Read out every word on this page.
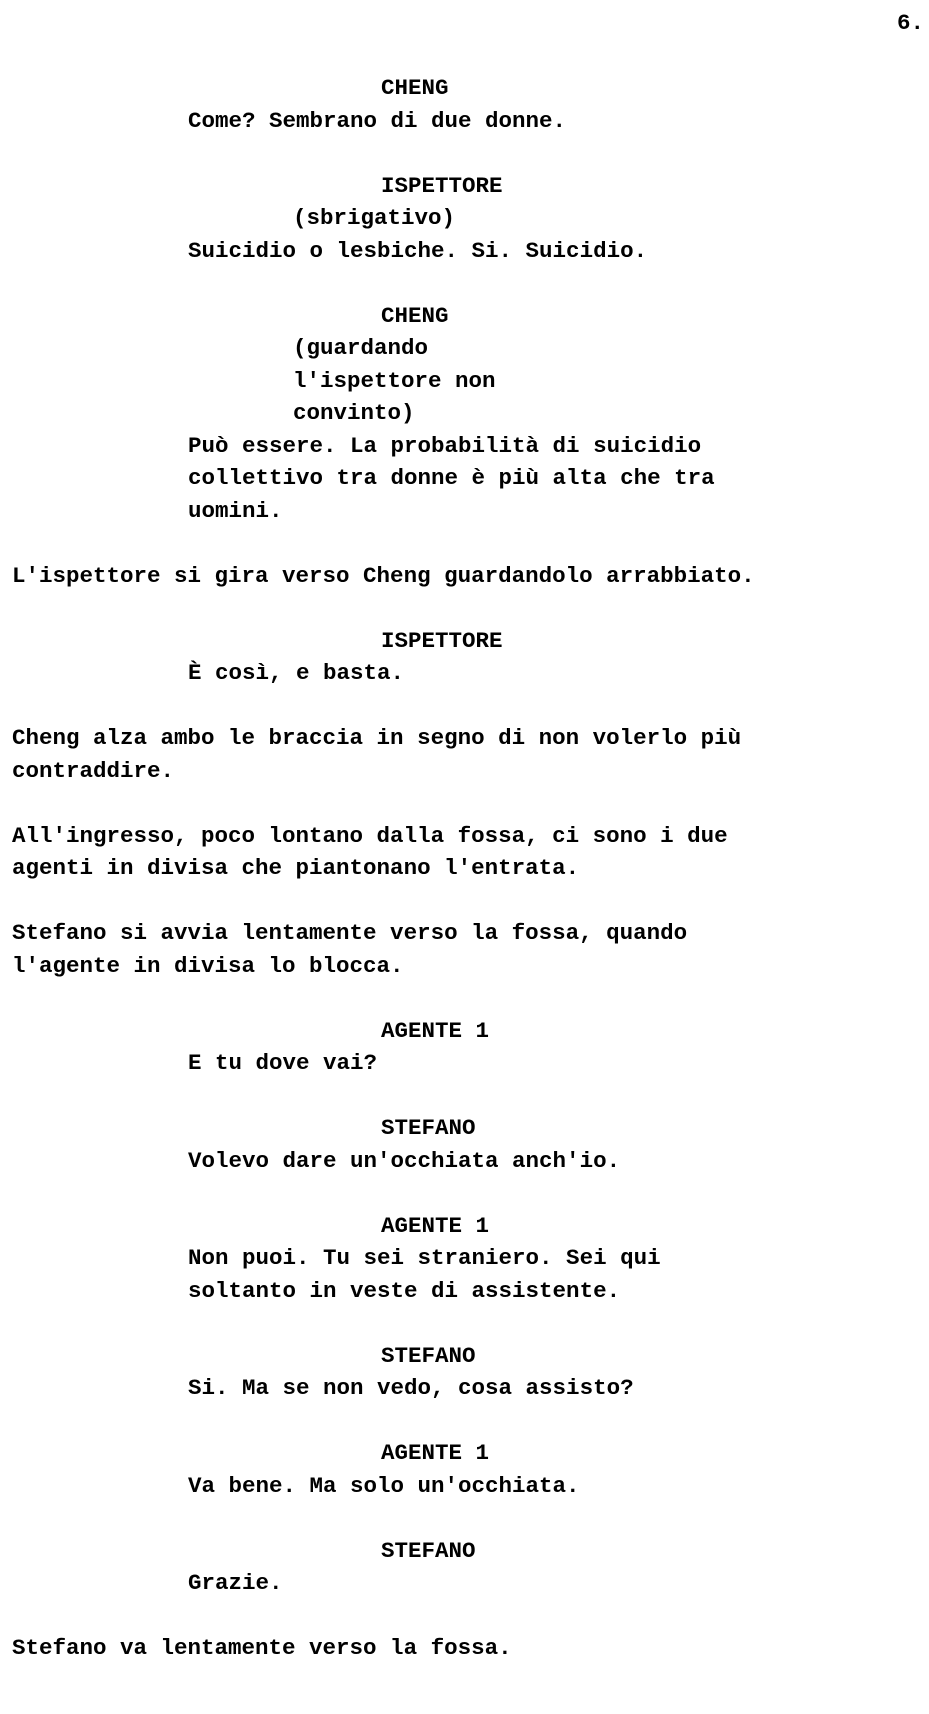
6.
CHENG
Come? Sembrano di due donne.
ISPETTORE
(sbrigativo)
Suicidio o lesbiche. Si. Suicidio.
CHENG
(guardando
l'ispettore non
convinto)
Può essere. La probabilità di suicidio
collettivo tra donne è più alta che tra
uomini.
L'ispettore si gira verso Cheng guardandolo arrabbiato.
ISPETTORE
È così, e basta.
Cheng alza ambo le braccia in segno di non volerlo più
contraddire.
All'ingresso, poco lontano dalla fossa, ci sono i due
agenti in divisa che piantonano l'entrata.
Stefano si avvia lentamente verso la fossa, quando
l'agente in divisa lo blocca.
AGENTE 1
E tu dove vai?
STEFANO
Volevo dare un'occhiata anch'io.
AGENTE 1
Non puoi. Tu sei straniero. Sei qui
soltanto in veste di assistente.
STEFANO
Si. Ma se non vedo, cosa assisto?
AGENTE 1
Va bene. Ma solo un'occhiata.
STEFANO
Grazie.
Stefano va lentamente verso la fossa.
